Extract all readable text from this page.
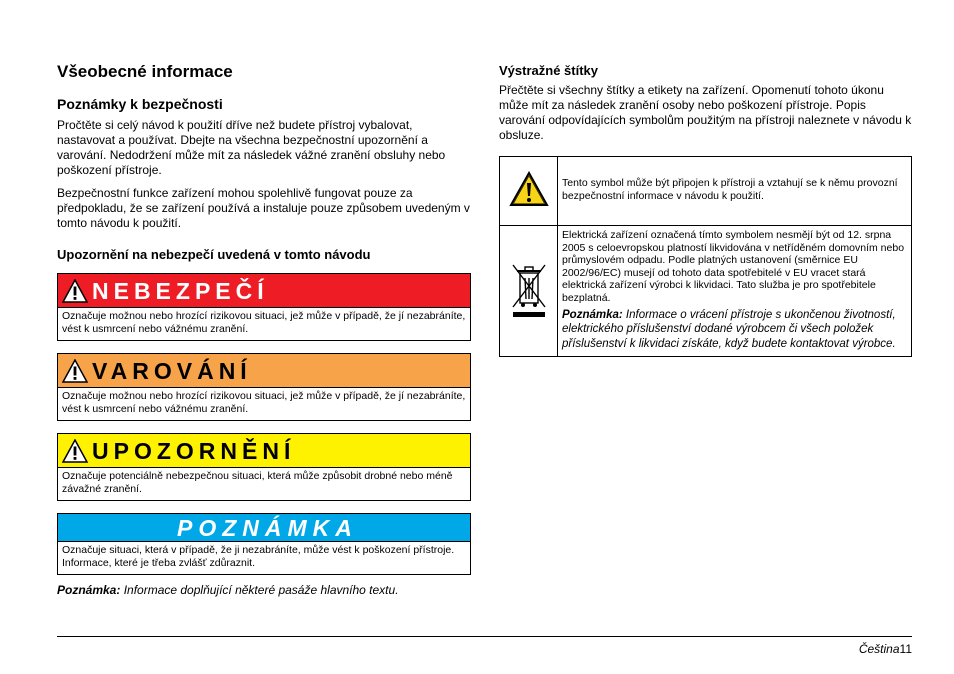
Všeobecné informace
Poznámky k bezpečnosti

Pročtěte si celý návod k použití dříve než budete přístroj vybalovat, nastavovat a používat. Dbejte na všechna bezpečnostní upozornění a varování. Nedodržení může mít za následek vážné zranění obsluhy nebo poškození přístroje.

Bezpečnostní funkce zařízení mohou spolehlivě fungovat pouze za předpokladu, že se zařízení používá a instaluje pouze způsobem uvedeným v tomto návodu k použití.

Upozornění na nebezpečí uvedená v tomto návodu
NEBEZPEČÍ
Označuje možnou nebo hrozící rizikovou situaci, jež může v případě, že jí nezabráníte, vést k usmrcení nebo vážnému zranění.
VAROVÁNÍ
Označuje možnou nebo hrozící rizikovou situaci, jež může v případě, že jí nezabráníte, vést k usmrcení nebo vážnému zranění.
UPOZORNĚNÍ
Označuje potenciálně nebezpečnou situaci, která může způsobit drobné nebo méně závažné zranění.
POZNÁMKA
Označuje situaci, která v případě, že ji nezabráníte, může vést k poškození přístroje. Informace, které je třeba zvlášť zdůraznit.
Poznámka: Informace doplňující některé pasáže hlavního textu.
Výstražné štítky

Přečtěte si všechny štítky a etikety na zařízení. Opomenutí tohoto úkonu může mít za následek zranění osoby nebo poškození přístroje. Popis varování odpovídajících symbolům použitým na přístroji naleznete v návodu k obsluze.

	Tento symbol může být připojen k přístroji a vztahují se k němu provozní bezpečnostní informace v návodu k použití.
	Elektrická zařízení označená tímto symbolem nesmějí být od 12. srpna 2005 s celoevropskou platností likvidována v netříděném domovním nebo průmyslovém odpadu. Podle platných ustanovení (směrnice EU 2002/96/EC) musejí od tohoto data spotřebitelé v EU vracet stará elektrická zařízení výrobci k likvidaci. Tato služba je pro spotřebitele bezplatná.
Poznámka: Informace o vrácení přístroje s ukončenou životností, elektrického příslušenství dodané výrobcem či všech položek příslušenství k likvidaci získáte, když budete kontaktovat výrobce.
Čeština11
